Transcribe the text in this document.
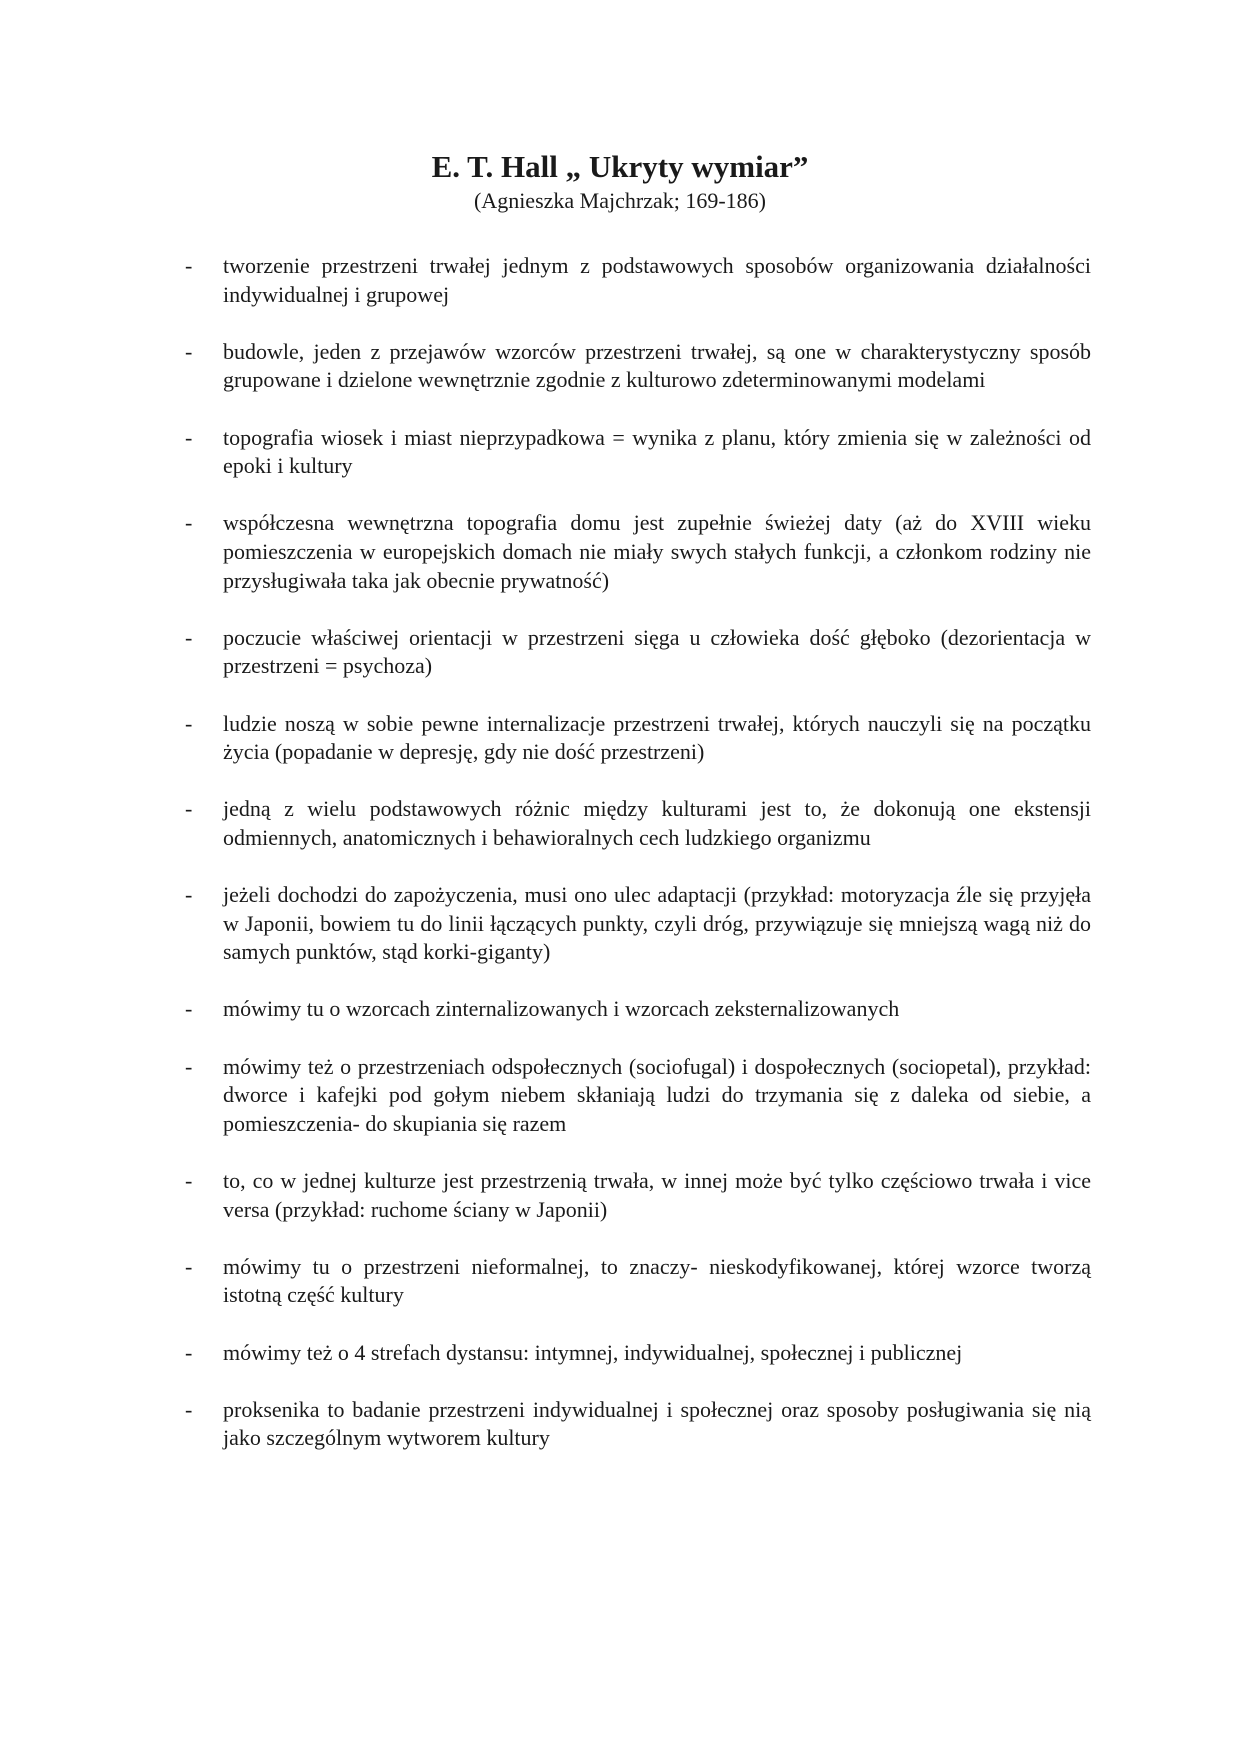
E. T. Hall „ Ukryty wymiar”

(Agnieszka Majchrzak; 169-186)

- tworzenie przestrzeni trwałej jednym z podstawowych sposobów organizowania działalności indywidualnej i grupowej
- budowle, jeden z przejawów wzorców przestrzeni trwałej, są one w charakterystyczny sposób grupowane i dzielone wewnętrznie zgodnie z kulturowo zdeterminowanymi modelami
- topografia wiosek i miast nieprzypadkowa = wynika z planu, który zmienia się w zależności od epoki i kultury
- współczesna wewnętrzna topografia domu jest zupełnie świeżej daty (aż do XVIII wieku pomieszczenia w europejskich domach nie miały swych stałych funkcji, a członkom rodziny nie przysługiwała taka jak obecnie prywatność)
- poczucie właściwej orientacji w przestrzeni sięga u człowieka dość głęboko (dezorientacja w przestrzeni = psychoza)
- ludzie noszą w sobie pewne internalizacje przestrzeni trwałej, których nauczyli się na początku życia (popadanie w depresję, gdy nie dość przestrzeni)
- jedną z wielu podstawowych różnic między kulturami jest to, że dokonują one ekstensji odmiennych, anatomicznych i behawioralnych cech ludzkiego organizmu
- jeżeli dochodzi do zapożyczenia, musi ono ulec adaptacji (przykład: motoryzacja źle się przyjęła w Japonii, bowiem tu do linii łączących punkty, czyli dróg, przywiązuje się mniejszą wagą niż do samych punktów, stąd korki-giganty)
- mówimy tu o wzorcach zinternalizowanych i wzorcach zeksternalizowanych
- mówimy też o przestrzeniach odspołecznych (sociofugal) i dospołecznych (sociopetal), przykład: dworce i kafejki pod gołym niebem skłaniają ludzi do trzymania się z daleka od siebie, a pomieszczenia- do skupiania się razem
- to, co w jednej kulturze jest przestrzenią trwała, w innej może być tylko częściowo trwała i vice versa (przykład: ruchome ściany w Japonii)
- mówimy tu o przestrzeni nieformalnej, to znaczy- nieskodyfikowanej, której wzorce tworzą istotną część kultury
- mówimy też o 4 strefach dystansu: intymnej, indywidualnej, społecznej i publicznej
- proksenika to badanie przestrzeni indywidualnej i społecznej oraz sposoby posługiwania się nią jako szczególnym wytworem kultury
